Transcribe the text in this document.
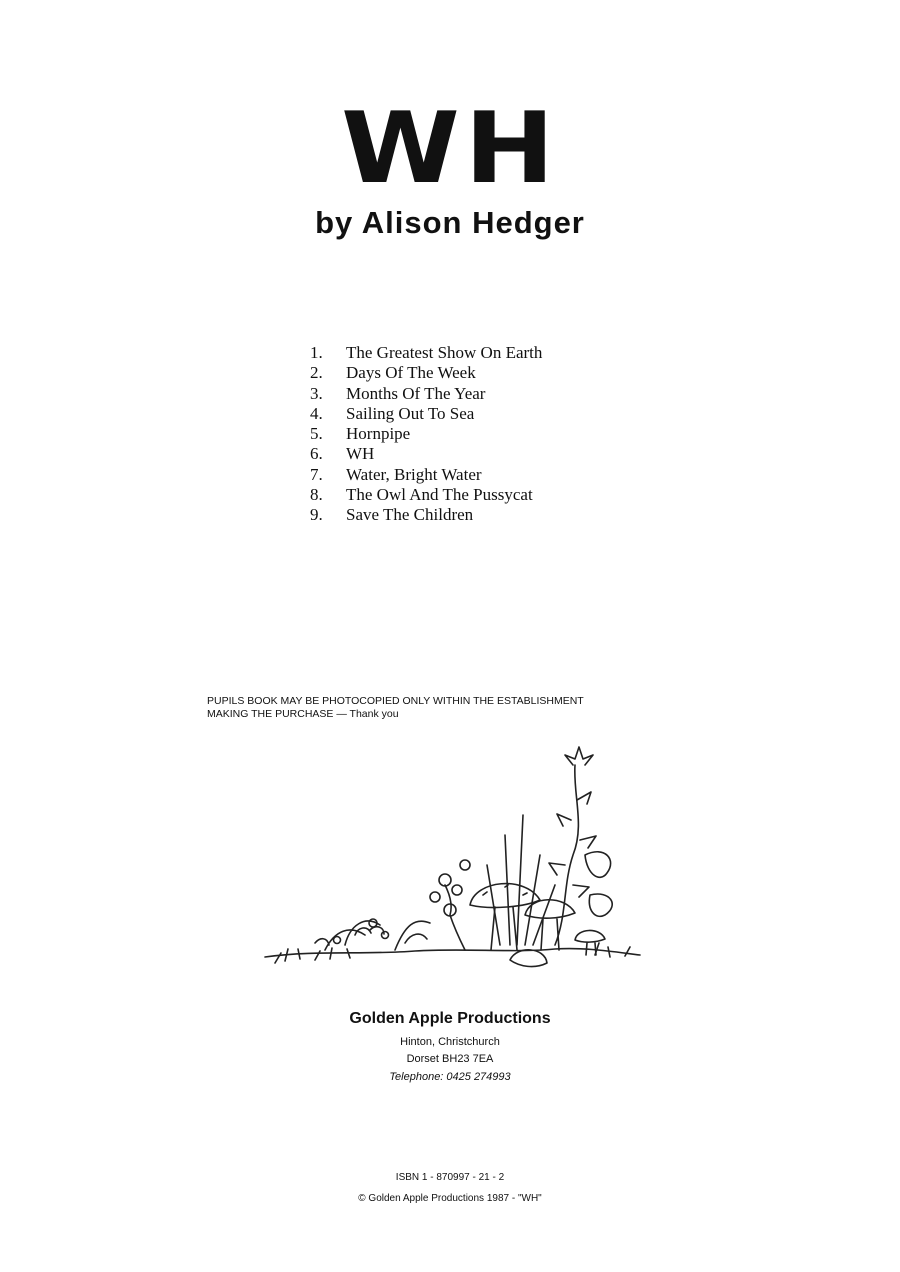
WH
by Alison Hedger
1.	The Greatest Show On Earth
2.	Days Of The Week
3.	Months Of The Year
4.	Sailing Out To Sea
5.	Hornpipe
6.	WH
7.	Water, Bright Water
8.	The Owl And The Pussycat
9.	Save The Children
PUPILS BOOK MAY BE PHOTOCOPIED ONLY WITHIN THE ESTABLISHMENT
MAKING THE PURCHASE — Thank you
Golden Apple Productions
Hinton, Christchurch
Dorset BH23 7EA
Telephone: 0425 274993
ISBN 1 - 870997 - 21 - 2
© Golden Apple Productions 1987 - "WH"
